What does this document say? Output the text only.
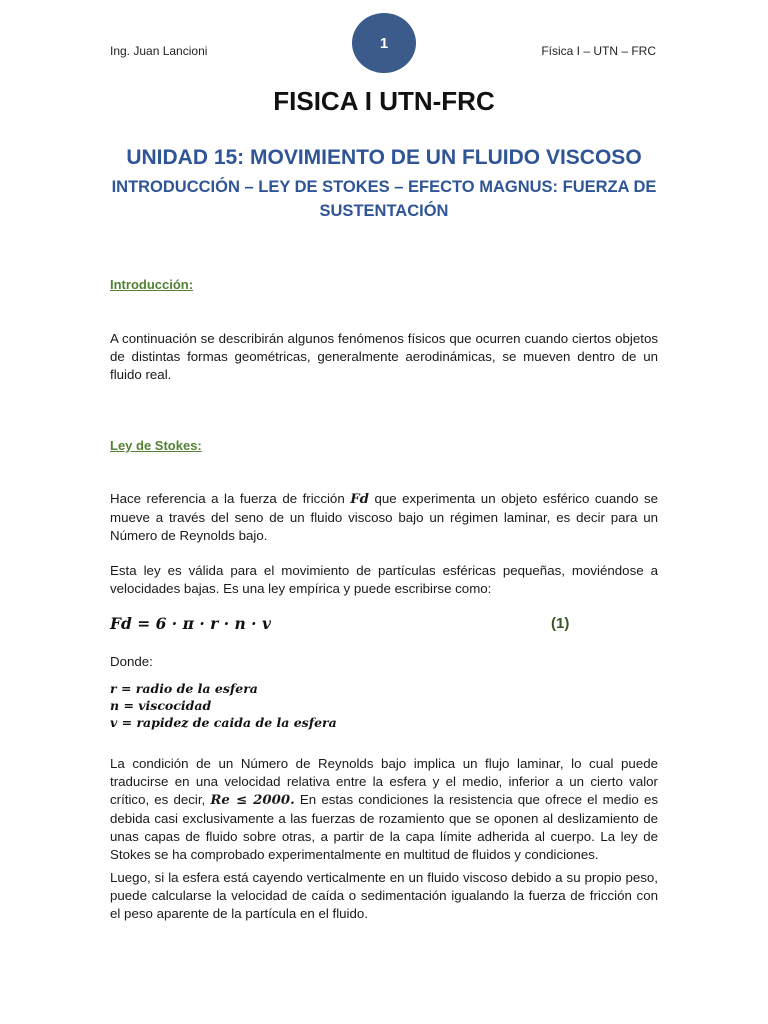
Ing. Juan Lancioni	1	Física I – UTN – FRC
FISICA I UTN-FRC
UNIDAD 15: MOVIMIENTO DE UN FLUIDO VISCOSO
INTRODUCCIÓN – LEY DE STOKES – EFECTO MAGNUS: FUERZA DE SUSTENTACIÓN
Introducción:
A continuación se describirán algunos fenómenos físicos que ocurren cuando ciertos objetos de distintas formas geométricas, generalmente aerodinámicas, se mueven dentro de un fluido real.
Ley de Stokes:
Hace referencia a la fuerza de fricción Fd que experimenta un objeto esférico cuando se mueve a través del seno de un fluido viscoso bajo un régimen laminar, es decir para un Número de Reynolds bajo.
Esta ley es válida para el movimiento de partículas esféricas pequeñas, moviéndose a velocidades bajas. Es una ley empírica y puede escribirse como:
Fd = 6 · π · r · n · v	(1)
Donde:
r = radio de la esfera
n = viscocidad
v = rapidez de caida de la esfera
La condición de un Número de Reynolds bajo implica un flujo laminar, lo cual puede traducirse en una velocidad relativa entre la esfera y el medio, inferior a un cierto valor crítico, es decir, Re ≤ 2000. En estas condiciones la resistencia que ofrece el medio es debida casi exclusivamente a las fuerzas de rozamiento que se oponen al deslizamiento de unas capas de fluido sobre otras, a partir de la capa límite adherida al cuerpo. La ley de Stokes se ha comprobado experimentalmente en multitud de fluidos y condiciones.
Luego, si la esfera está cayendo verticalmente en un fluido viscoso debido a su propio peso, puede calcularse la velocidad de caída o sedimentación igualando la fuerza de fricción con el peso aparente de la partícula en el fluido.
